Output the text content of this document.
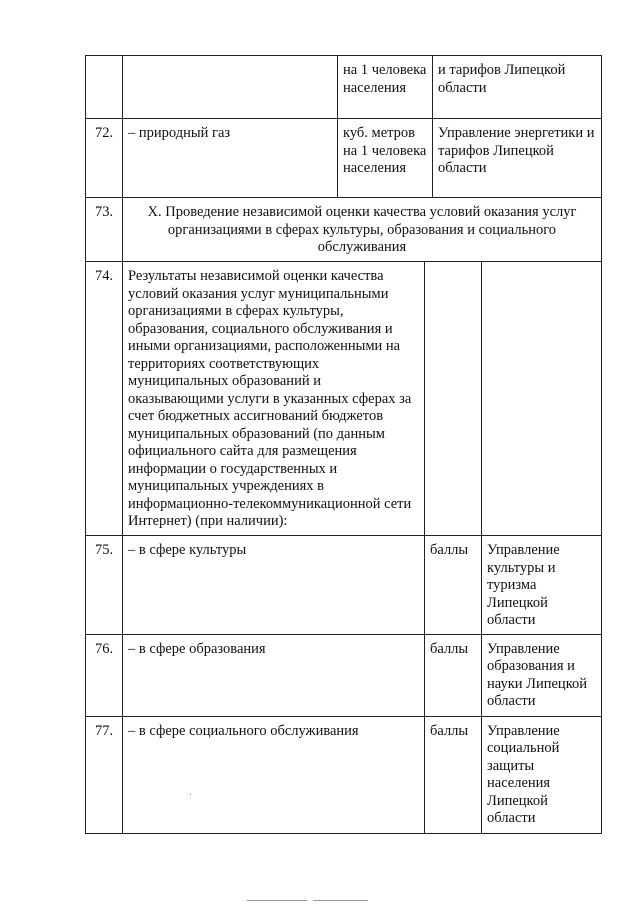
		на 1 человека населения	и тарифов Липецкой области
72.	– природный газ	куб. метров на 1 человека населения	Управление энергетики и тарифов Липецкой области
73.	X. Проведение независимой оценки качества условий оказания услуг организациями в сферах культуры, образования и социального обслуживания		
74.	Результаты независимой оценки качества условий оказания услуг муниципальными организациями в сферах культуры, образования, социального обслуживания и иными организациями, расположенными на территориях соответствующих муниципальных образований и оказывающими услуги в указанных сферах за счет бюджетных ассигнований бюджетов муниципальных образований (по данным официального сайта для размещения информации о государственных и муниципальных учреждениях в информационно-телекоммуникационной сети Интернет) (при наличии):		
75.	– в сфере культуры	баллы	Управление культуры и туризма Липецкой области
76.	– в сфере образования	баллы	Управление образования и науки Липецкой области
77.	– в сфере социального обслуживания	баллы	Управление социальной защиты населения Липецкой области
